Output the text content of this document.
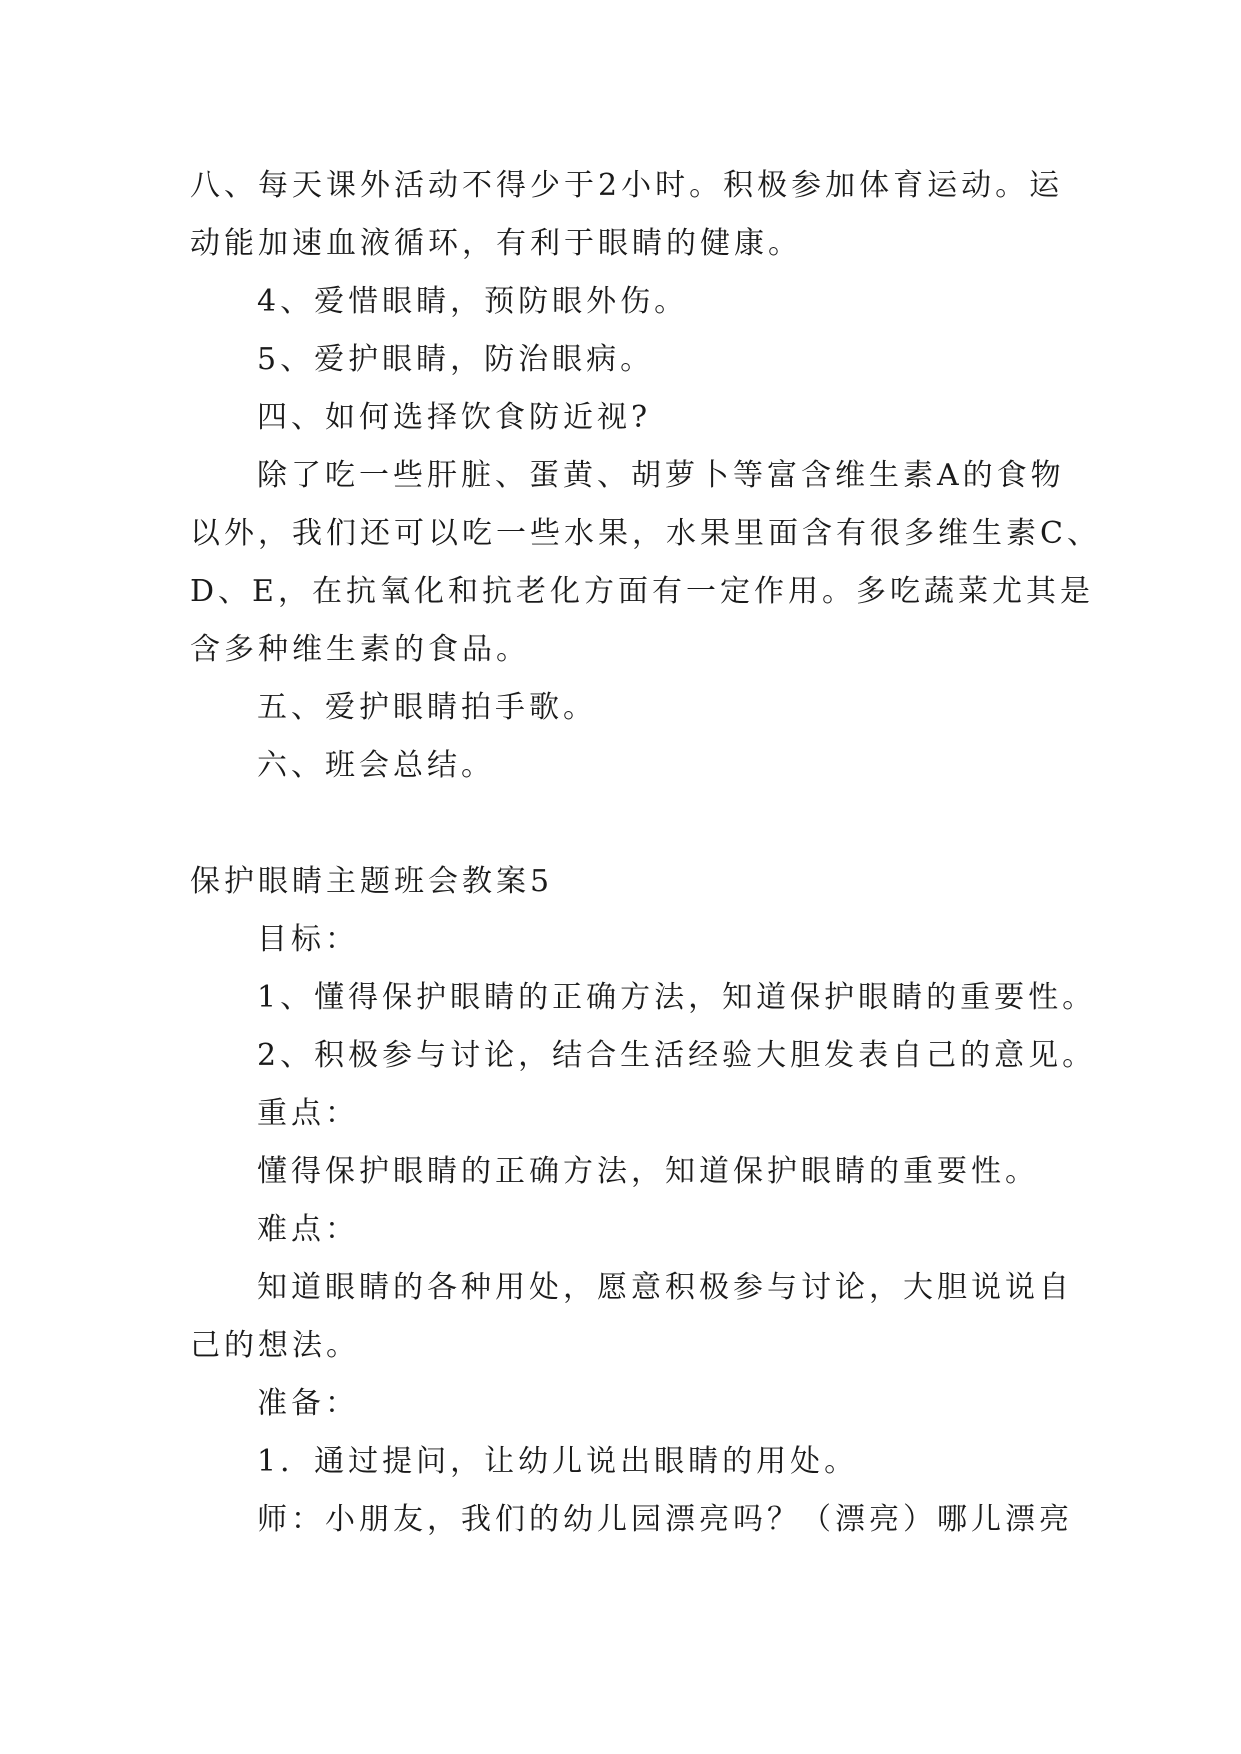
八、每天课外活动不得少于2小时。积极参加体育运动。运
动能加速血液循环，有利于眼睛的健康。
4、爱惜眼睛，预防眼外伤。
5、爱护眼睛，防治眼病。
四、如何选择饮食防近视?
除了吃一些肝脏、蛋黄、胡萝卜等富含维生素A的食物
以外，我们还可以吃一些水果，水果里面含有很多维生素C、
D、E，在抗氧化和抗老化方面有一定作用。多吃蔬菜尤其是
含多种维生素的食品。
五、爱护眼睛拍手歌。
六、班会总结。
保护眼睛主题班会教案5
目标：
1、懂得保护眼睛的正确方法，知道保护眼睛的重要性。
2、积极参与讨论，结合生活经验大胆发表自己的意见。
重点：
懂得保护眼睛的正确方法，知道保护眼睛的重要性。
难点：
知道眼睛的各种用处，愿意积极参与讨论，大胆说说自
己的想法。
准备：
1．通过提问，让幼儿说出眼睛的用处。
师：小朋友，我们的幼儿园漂亮吗？（漂亮）哪儿漂亮
